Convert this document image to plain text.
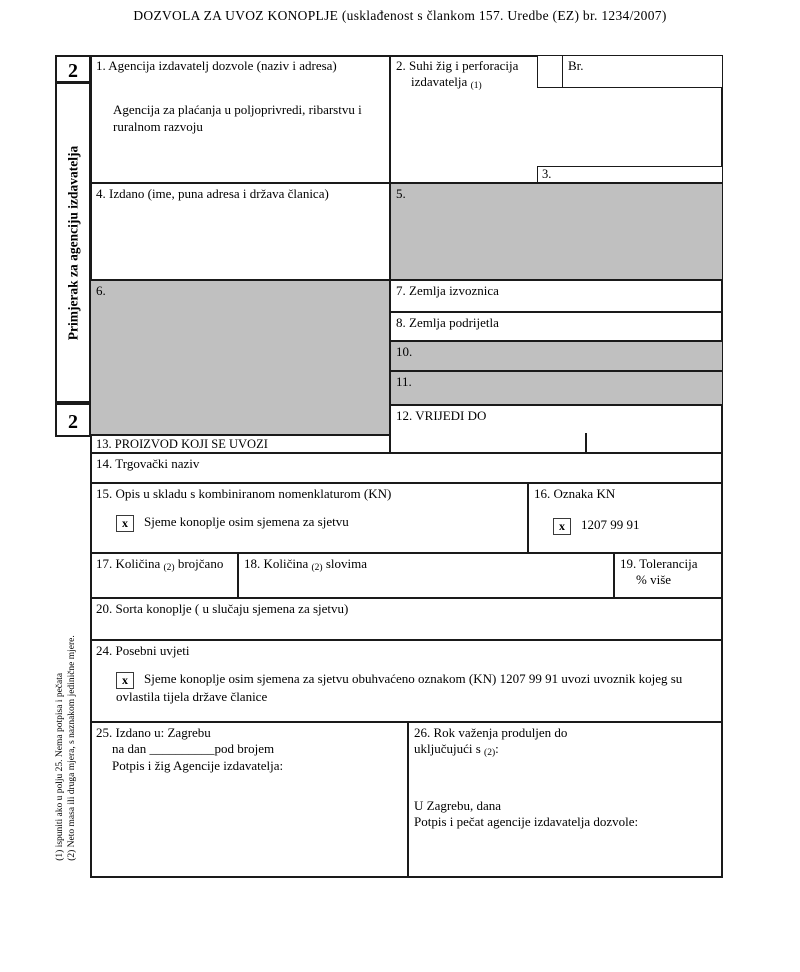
DOZVOLA ZA UVOZ KONOPLJE (usklađenost s člankom 157. Uredbe (EZ) br. 1234/2007)
2
Primjerak za agenciju izdavatelja
2
(1) ispuniti ako u polju 25. Nema potpisa i pečata (2) Neto masa ili druga mjera, s naznakom jedinične mjere.
1. Agencija izdavatelj dozvole (naziv i adresa)
Agencija za plaćanja u poljoprivredi, ribarstvu i ruralnom razvoju
2. Suhi žig i perforacija
izdavatelja (1)
Br.
3.
4. Izdano (ime, puna adresa i država članica)	5.
6.	7. Zemlja izvoznica
8. Zemlja podrijetla
10.
11.
12. VRIJEDI DO
13. PROIZVOD KOJI SE UVOZI
14. Trgovački naziv
15. Opis u skladu s kombiniranom nomenklaturom (KN)
x Sjeme konoplje osim sjemena za sjetvu
16. Oznaka KN
x 1207 99 91
17. Količina (2) brojčano	18. Količina (2) slovima	19. Tolerancija
% više
20. Sorta konoplje ( u slučaju sjemena za sjetvu)
24. Posebni uvjeti
x Sjeme konoplje osim sjemena za sjetvu obuhvaćeno oznakom (KN) 1207 99 91 uvozi uvoznik kojeg su ovlastila tijela države članice
25. Izdano u: Zagrebu
na dan __________pod brojem
Potpis i žig Agencije izdavatelja:
26. Rok važenja produljen do
uključujući s (2):
U Zagrebu, dana
Potpis i pečat agencije izdavatelja dozvole:
